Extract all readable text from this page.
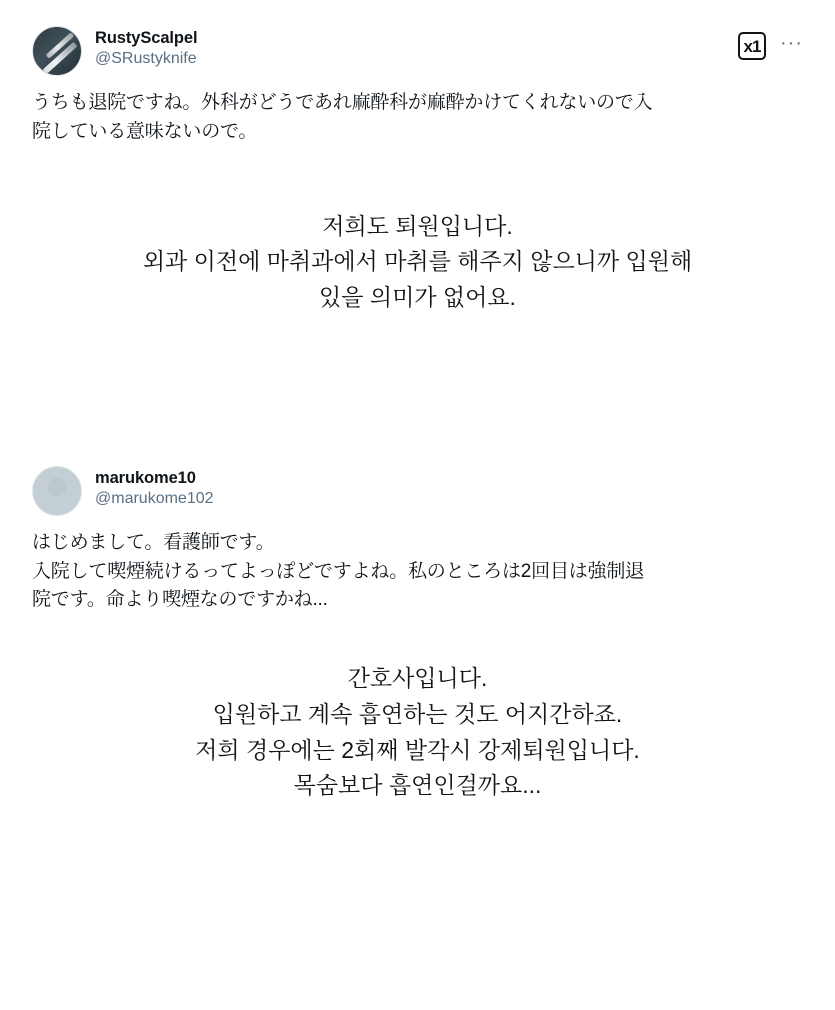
RustyScalpel
@SRustyknife
x1 ···
うちも退院ですね。外科がどうであれ麻酔科が麻酔かけてくれないので入
院している意味ないので。
저희도 퇴원입니다.
외과 이전에 마취과에서 마취를 해주지 않으니까 입원해
있을 의미가 없어요.
marukome10
@marukome102
はじめまして。看護師です。
入院して喫煙続けるってよっぽどですよね。私のところは2回目は強制退
院です。命より喫煙なのですかね...
간호사입니다.
입원하고 계속 흡연하는 것도 어지간하죠.
저희 경우에는 2회째 발각시 강제퇴원입니다.
목숨보다 흡연인걸까요...
